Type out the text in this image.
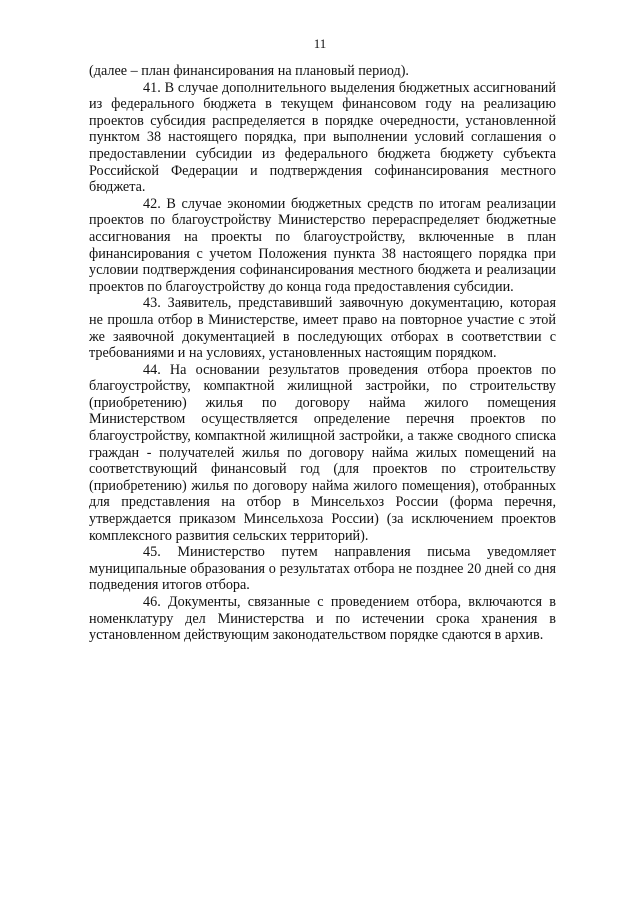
11

(далее – план финансирования на плановый период).

41. В случае дополнительного выделения бюджетных ассигнований из федерального бюджета в текущем финансовом году на реализацию проектов субсидия распределяется в порядке очередности, установленной пунктом 38 настоящего порядка, при выполнении условий соглашения о предоставлении субсидии из федерального бюджета бюджету субъекта Российской Федерации и подтверждения софинансирования местного бюджета.

42. В случае экономии бюджетных средств по итогам реализации проектов по благоустройству Министерство перераспределяет бюджетные ассигнования на проекты по благоустройству, включенные в план финансирования с учетом Положения пункта 38 настоящего порядка при условии подтверждения софинансирования местного бюджета и реализации проектов по благоустройству до конца года предоставления субсидии.

43. Заявитель, представивший заявочную документацию, которая не прошла отбор в Министерстве, имеет право на повторное участие с этой же заявочной документацией в последующих отборах в соответствии с требованиями и на условиях, установленных настоящим порядком.

44. На основании результатов проведения отбора проектов по благоустройству, компактной жилищной застройки, по строительству (приобретению) жилья по договору найма жилого помещения Министерством осуществляется определение перечня проектов по благоустройству, компактной жилищной застройки, а также сводного списка граждан - получателей жилья по договору найма жилых помещений на соответствующий финансовый год (для проектов по строительству (приобретению) жилья по договору найма жилого помещения), отобранных для представления на отбор в Минсельхоз России (форма перечня, утверждается приказом Минсельхоза России) (за исключением проектов комплексного развития сельских территорий).

45. Министерство путем направления письма уведомляет муниципальные образования о результатах отбора не позднее 20 дней со дня подведения итогов отбора.

46. Документы, связанные с проведением отбора, включаются в номенклатуру дел Министерства и по истечении срока хранения в установленном действующим законодательством порядке сдаются в архив.
